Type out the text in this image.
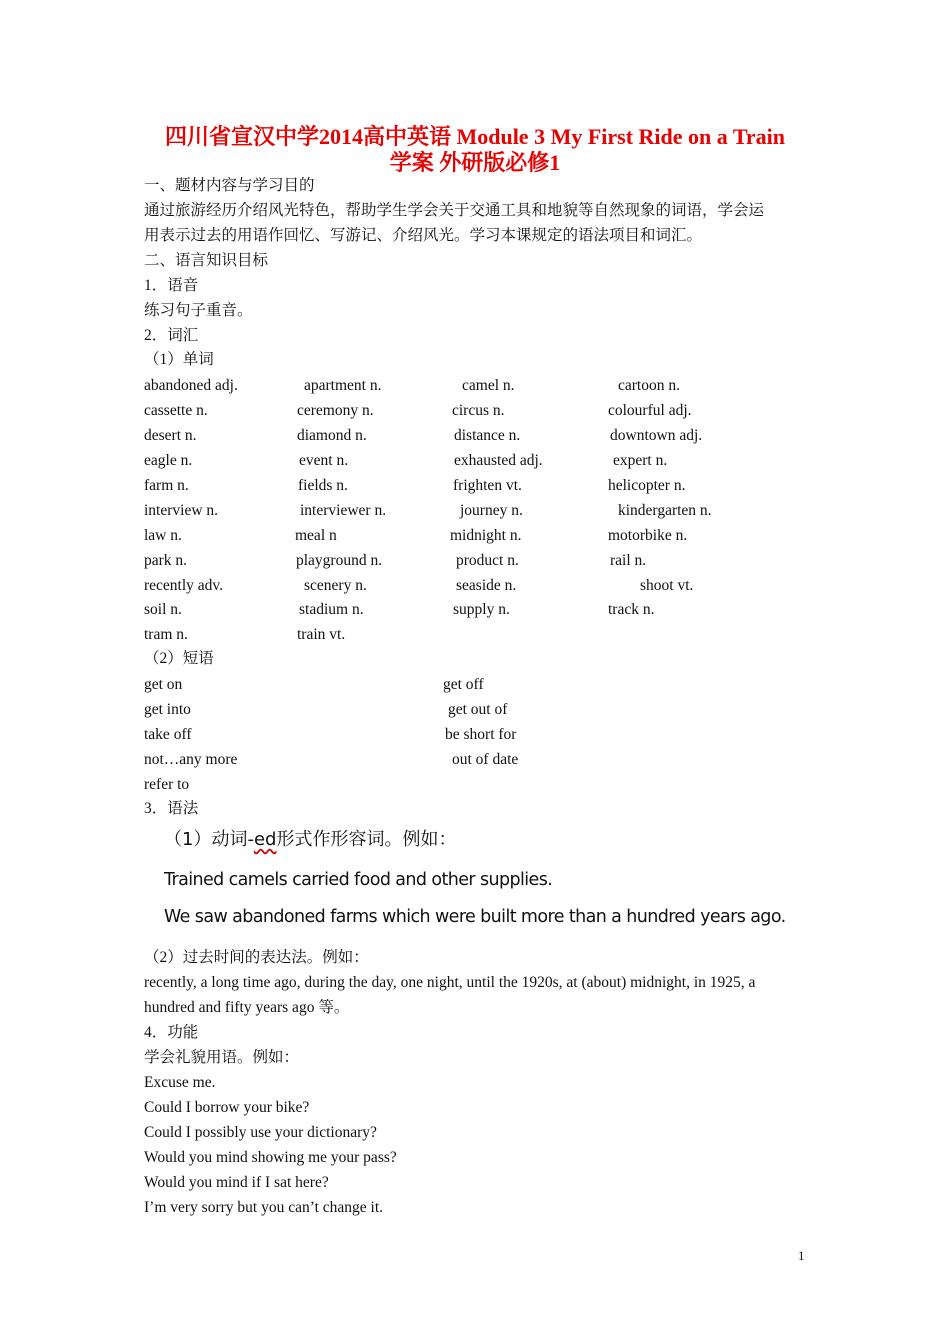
四川省宣汉中学2014高中英语 Module 3 My First Ride on a Train
学案 外研版必修1
一、题材内容与学习目的
通过旅游经历介绍风光特色，帮助学生学会关于交通工具和地貌等自然现象的词语，学会运
用表示过去的用语作回忆、写游记、介绍风光。学习本课规定的语法项目和词汇。
二、语言知识目标
1．语音
练习句子重音。
2．词汇
（1）单词
abandoned adj.	apartment n.	camel n.	cartoon n.
cassette n.	ceremony n.	circus n.	colourful adj.
desert n.	diamond n.	distance n.	downtown adj.
eagle n.	event n.	exhausted adj.	expert n.
farm n.	fields n.	frighten vt.	helicopter n.
interview n.	interviewer n.	journey n.	kindergarten n.
law n.	meal n	midnight n.	motorbike n.
park n.	playground n.	product n.	rail n.
recently adv.	scenery n.	seaside n.	shoot vt.
soil n.	stadium n.	supply n.	track n.
tram n.	train vt.
（2）短语
get on	get off
get into	get out of
take off	be short for
not…any more	out of date
refer to
3．语法
（1）动词-ed形式作形容词。例如：
Trained camels carried food and other supplies.
We saw abandoned farms which were built more than a hundred years ago.
（2）过去时间的表达法。例如：
recently, a long time ago, during the day, one night, until the 1920s, at (about) midnight, in 1925, a
hundred and fifty years ago 等。
4．功能
学会礼貌用语。例如：
Excuse me.
Could I borrow your bike?
Could I possibly use your dictionary?
Would you mind showing me your pass?
Would you mind if I sat here?
I’m very sorry but you can’t change it.
1
